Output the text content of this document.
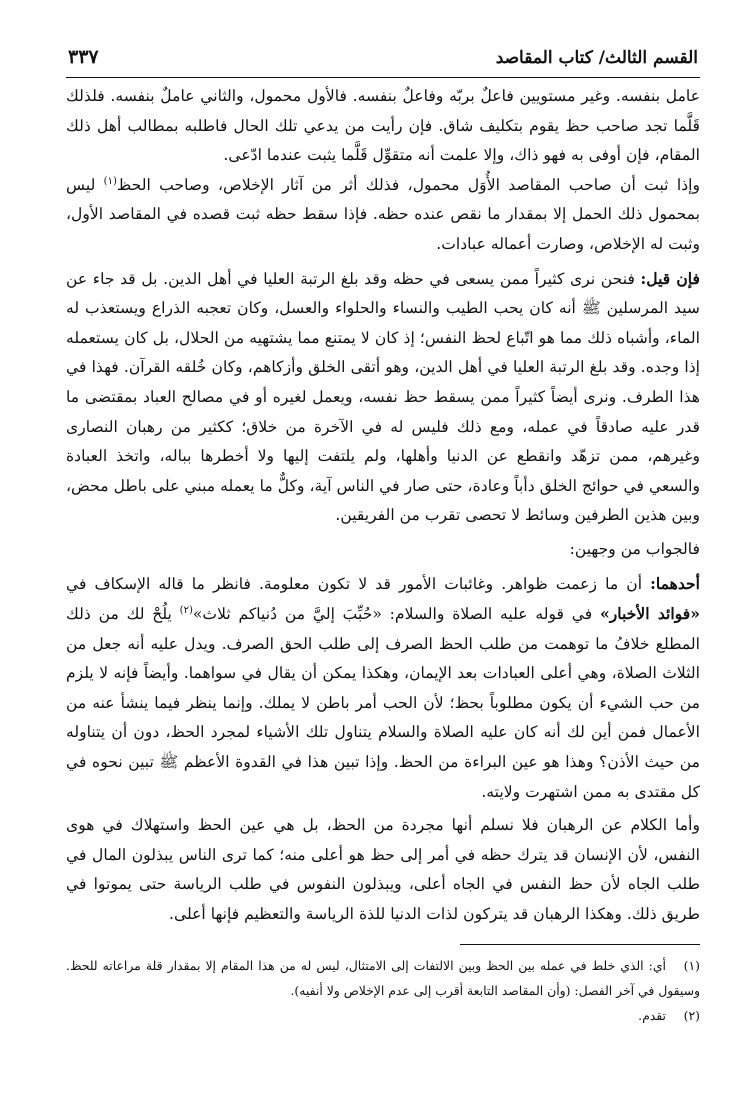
القسم الثالث/ كتاب المقاصد
٣٣٧

عامل بنفسه. وغير مستويين فاعلٌ بربّه وفاعلٌ بنفسه. فالأول محمول، والثاني عاملٌ بنفسه. فلذلك قَلَّما تجد صاحب حظ يقوم بتكليف شاق. فإن رأيت من يدعي تلك الحال فاطلبه بمطالب أهل ذلك المقام، فإن أوفى به فهو ذاك، وإلا علمت أنه متقوِّل قَلَّما يثبت عندما ادّعى.

وإذا ثبت أن صاحب المقاصد الأُوَل محمول، فذلك أثر من آثار الإخلاص، وصاحب الحظ$^{(١)}$ ليس بمحمول ذلك الحمل إلا بمقدار ما نقص عنده حظه. فإذا سقط حظه ثبت قصده في المقاصد الأول، وثبت له الإخلاص، وصارت أعماله عبادات.

فإن قيل: فنحن نرى كثيراً ممن يسعى في حظه وقد بلغ الرتبة العليا في أهل الدين. بل قد جاء عن سيد المرسلين ﷺ أنه كان يحب الطيب والنساء والحلواء والعسل، وكان تعجبه الذراع ويستعذب له الماء، وأشباه ذلك مما هو اتّباع لحظ النفس؛ إذ كان لا يمتنع مما يشتهيه من الحلال، بل كان يستعمله إذا وجده. وقد بلغ الرتبة العليا في أهل الدين، وهو أتقى الخلق وأزكاهم، وكان خُلقه القرآن. فهذا في هذا الطرف. ونرى أيضاً كثيراً ممن يسقط حظ نفسه، ويعمل لغيره أو في مصالح العباد بمقتضى ما قدر عليه صادقاً في عمله، ومع ذلك فليس له في الآخرة من خلاق؛ ككثير من رهبان النصارى وغيرهم، ممن تزهّد وانقطع عن الدنيا وأهلها، ولم يلتفت إليها ولا أخطرها بباله، واتخذ العبادة والسعي في حوائج الخلق دأباً وعادة، حتى صار في الناس آية، وكلٌّ ما يعمله مبني على باطل محض، وبين هذين الطرفين وسائط لا تحصى تقرب من الفريقين.

فالجواب من وجهين:

أحدهما: أن ما زعمت ظواهر. وغائبات الأمور قد لا تكون معلومة. فانظر ما قاله الإسكاف في «فوائد الأخبار» في قوله عليه الصلاة والسلام: «حُبِّبَ إليَّ من دُنياكم ثلاث»$^{(٢)}$ يلُحْ لك من ذلك المطلع خلافُ ما توهمت من طلب الحظ الصرف إلى طلب الحق الصرف. ويدل عليه أنه جعل من الثلاث الصلاة، وهي أعلى العبادات بعد الإيمان، وهكذا يمكن أن يقال في سواهما. وأيضاً فإنه لا يلزم من حب الشيء أن يكون مطلوباً بحظ؛ لأن الحب أمر باطن لا يملك. وإنما ينظر فيما ينشأ عنه من الأعمال فمن أين لك أنه كان عليه الصلاة والسلام يتناول تلك الأشياء لمجرد الحظ، دون أن يتناوله من حيث الأذن؟ وهذا هو عين البراءة من الحظ. وإذا تبين هذا في القدوة الأعظم ﷺ تبين نحوه في كل مقتدى به ممن اشتهرت ولايته.

وأما الكلام عن الرهبان فلا نسلم أنها مجردة من الحظ، بل هي عين الحظ واستهلاك في هوى النفس، لأن الإنسان قد يترك حظه في أمر إلى حظ هو أعلى منه؛ كما ترى الناس يبذلون المال في طلب الجاه لأن حظ النفس في الجاه أعلى، ويبذلون النفوس في طلب الرياسة حتى يموتوا في طريق ذلك. وهكذا الرهبان قد يتركون لذات الدنيا للذة الرياسة والتعظيم فإنها أعلى.

(١)أي: الذي خلط في عمله بين الحظ وبين الالتفات إلى الامتثال، ليس له من هذا المقام إلا بمقدار قلة مراعاته للحظ. وسيقول في آخر الفصل: (وأن المقاصد التابعة أقرب إلى عدم الإخلاص ولا أنفيه).

(٢)تقدم.
